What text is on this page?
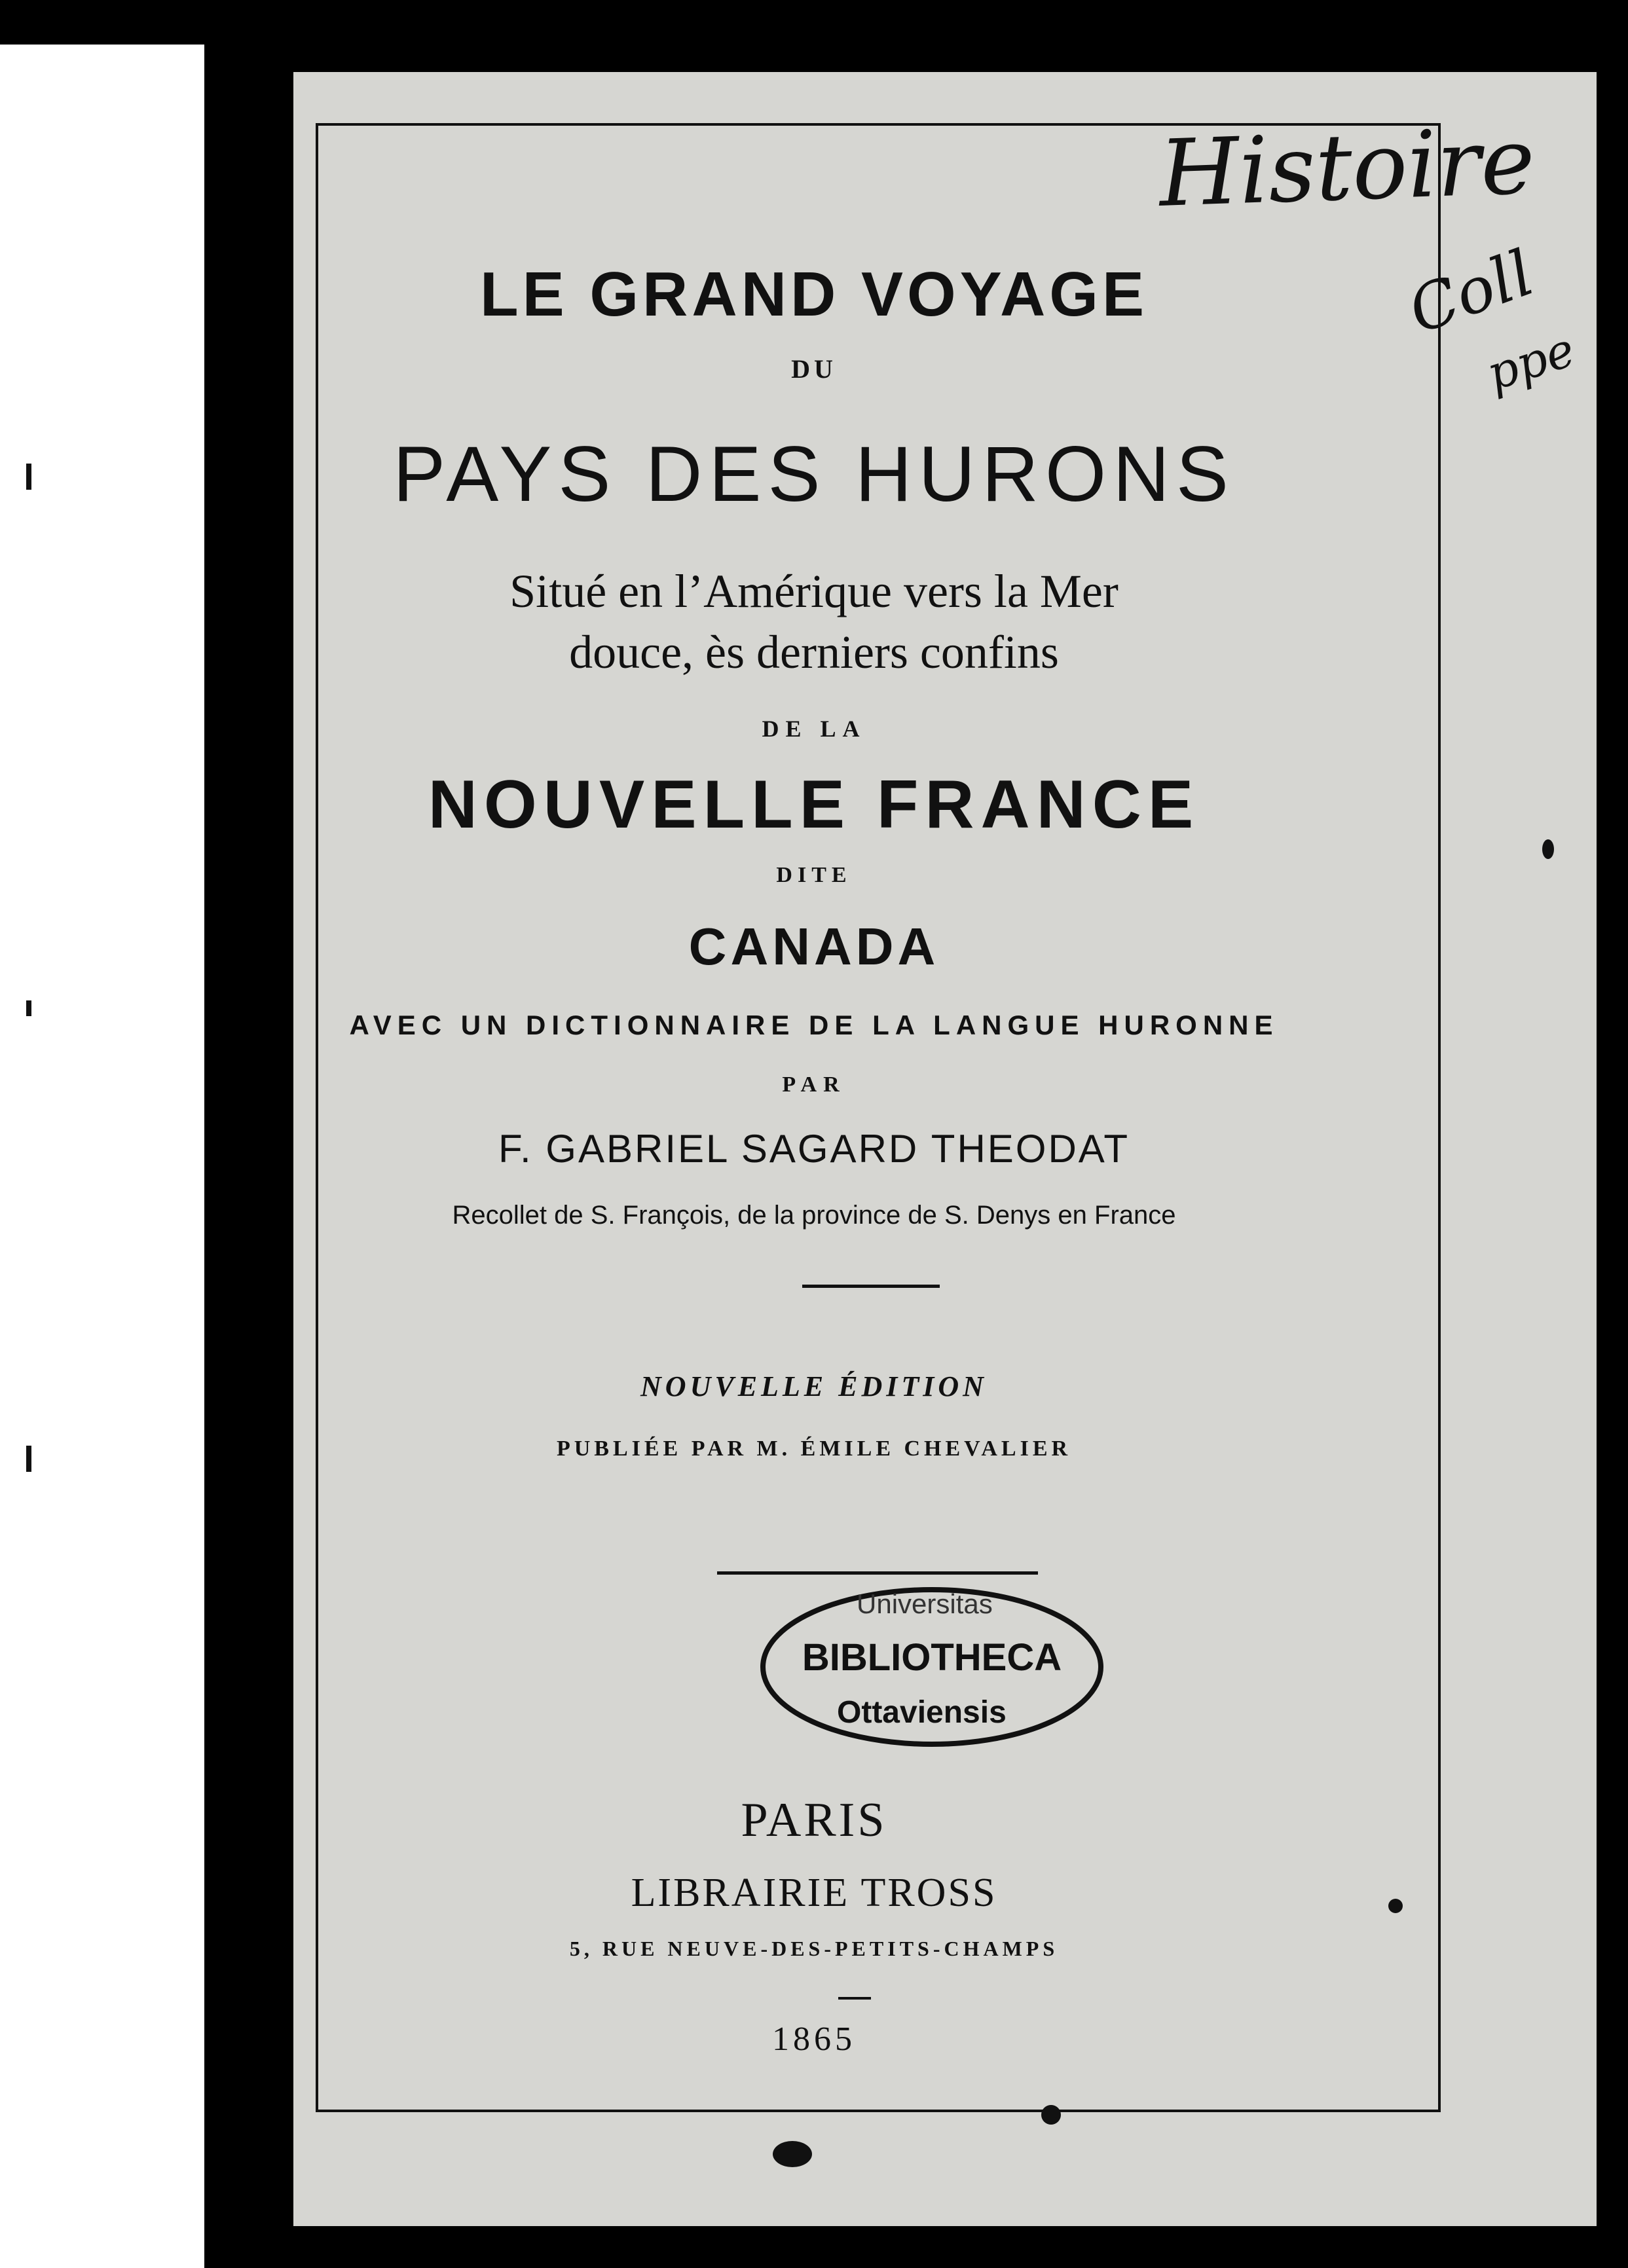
LE GRAND VOYAGE
DU
PAYS DES HURONS
Situé en l’Amérique vers la Mer
douce, ès derniers confins
DE LA
NOUVELLE FRANCE
DITE
CANADA
AVEC UN DICTIONNAIRE DE LA LANGUE HURONNE
PAR
F. GABRIEL SAGARD THEODAT
Recollet de S. François, de la province de S. Denys en France
NOUVELLE ÉDITION
PUBLIÉE PAR M. ÉMILE CHEVALIER
Universitas
BIBLIOTHECA
Ottaviensis
PARIS
LIBRAIRIE TROSS
5, RUE NEUVE-DES-PETITS-CHAMPS
1865
Histoire
Coll
ppe
